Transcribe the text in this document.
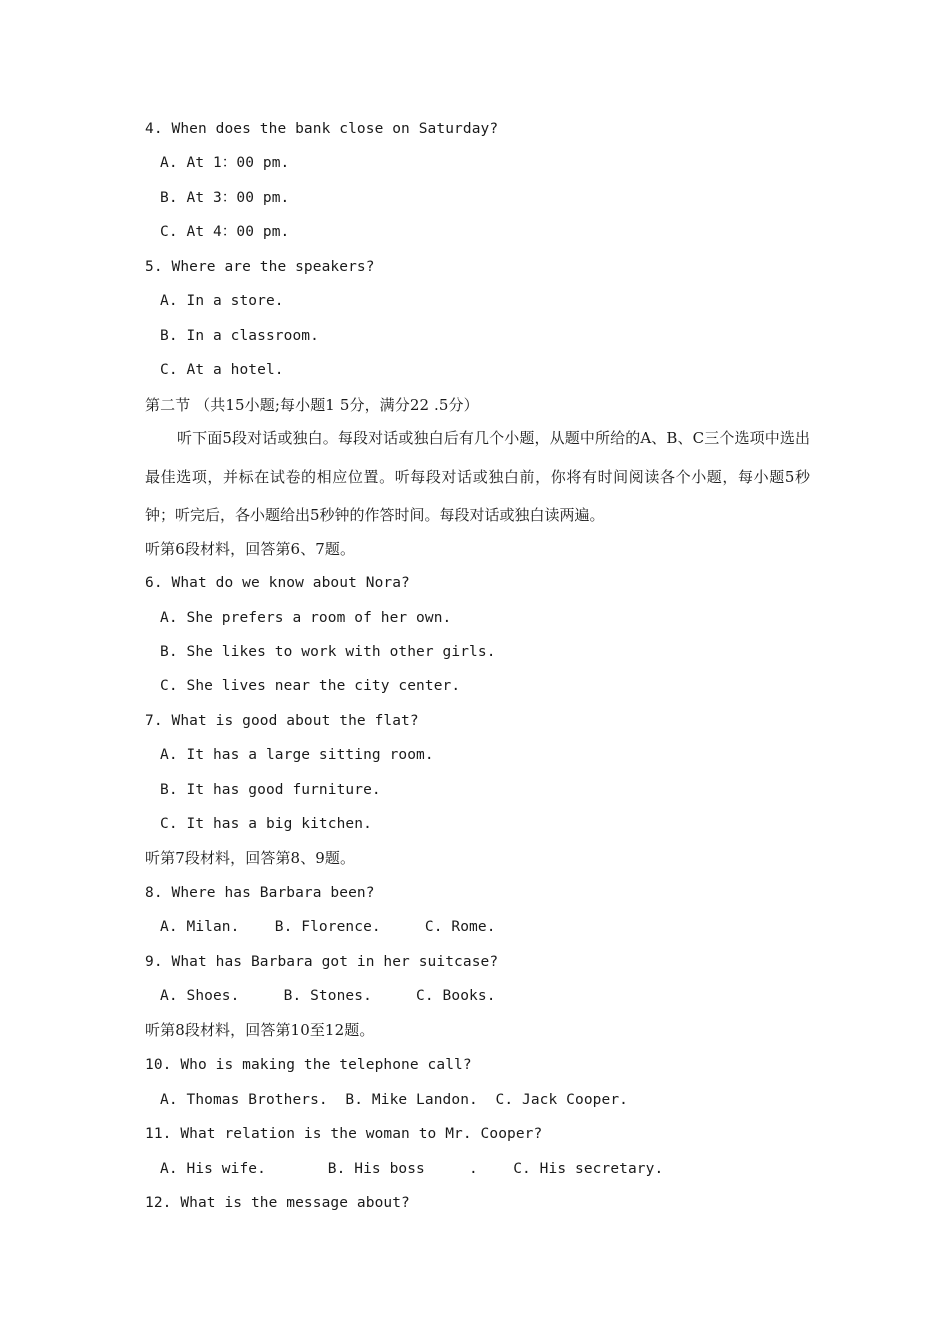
4. When does the bank close on Saturday?
A. At 1：00 pm.
B. At 3：00 pm.
C. At 4：00 pm.
5. Where are the speakers?
A. In a store.
B. In a classroom.
C. At a hotel.
第二节 （共15小题;每小题1 5分，满分22 .5分）
听下面5段对话或独白。每段对话或独白后有几个小题，从题中所给的A、B、C三个选项中选出最佳选项，并标在试卷的相应位置。听每段对话或独白前，你将有时间阅读各个小题，每小题5秒钟；听完后，各小题给出5秒钟的作答时间。每段对话或独白读两遍。
听第6段材料，回答第6、7题。
6. What do we know about Nora?
A. She prefers a room of her own.
B. She likes to work with other girls.
C. She lives near the city center.
7. What is good about the flat?
A. It has a large sitting room.
B. It has good furniture.
C. It has a big kitchen.
听第7段材料，回答第8、9题。
8. Where has Barbara been?
A. Milan.    B. Florence.     C. Rome.
9. What has Barbara got in her suitcase?
A. Shoes.     B. Stones.     C. Books.
听第8段材料，回答第10至12题。
10. Who is making the telephone call?
A. Thomas Brothers.  B. Mike Landon.  C. Jack Cooper.
11. What relation is the woman to Mr. Cooper?
A. His wife.       B. His boss     .    C. His secretary.
12. What is the message about?
